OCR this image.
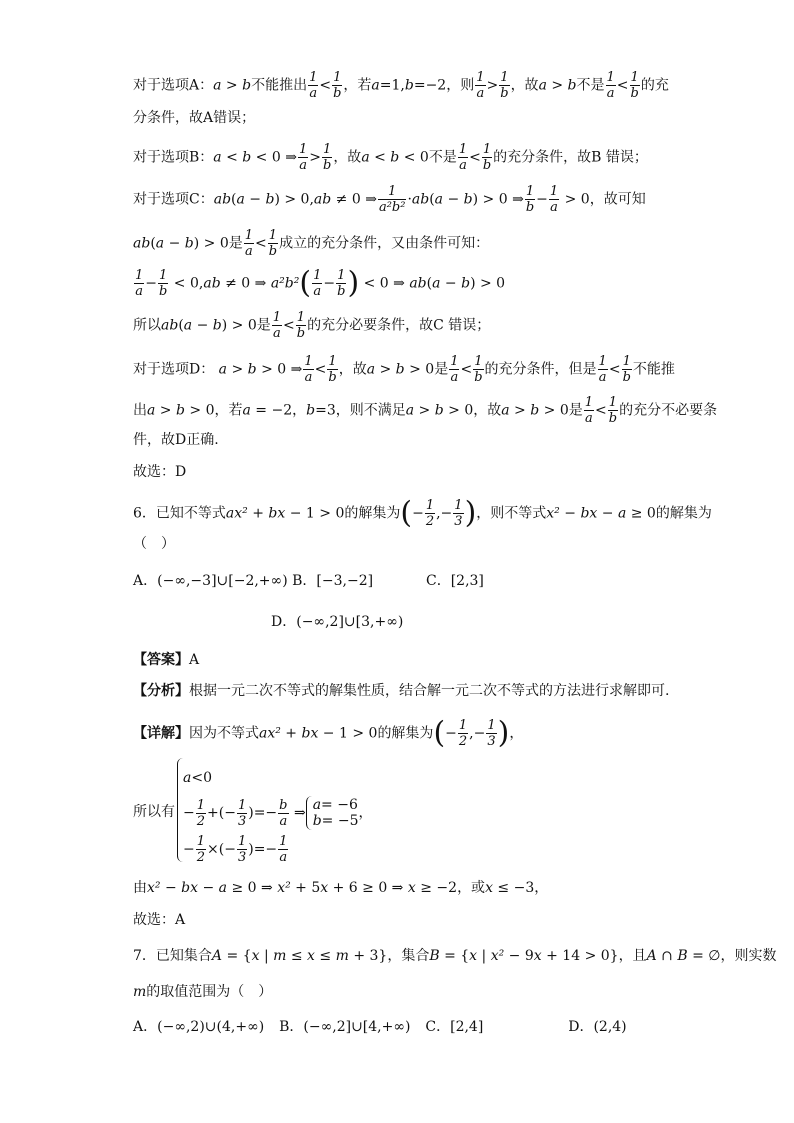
对于选项A：a > b不能推出 $\frac{1}{a} < \frac{1}{b}$ ，若a=1,b=−2，则 $\frac{1}{a} > \frac{1}{b}$ ，故a > b不是 $\frac{1}{a} < \frac{1}{b}$ 的充
分条件，故A错误；
对于选项B：a < b < 0 ⇒ $\frac{1}{a} > \frac{1}{b}$ ，故a < b < 0不是 $\frac{1}{a} < \frac{1}{b}$ 的充分条件，故B 错误；
对于选项C：ab(a − b) > 0,ab ≠ 0 ⇒ $\frac{1}{\text{a²b²}} \cdot ab(a - b) > 0$ ⇒ $\frac{1}{b} - \frac{1}{a} > 0$，故可知
ab(a − b) > 0是 $\frac{1}{a} < \frac{1}{b}$ 成立的充分条件，又由条件可知：
$\frac{1}{a} - \frac{1}{b} < 0,ab \ne 0$ ⇒ $a^2b^2( \frac{1}{a} - \frac{1}{b}$ ) < 0 ⇒ ab(a − b) > 0
所以ab(a − b) > 0是 $\frac{1}{a} < \frac{1}{b}$ 的充分必要条件，故C 错误；
对于选项D： a > b > 0 ⇒ $\frac{1}{a} < \frac{1}{b}$ ，故a > b > 0是 $\frac{1}{a} < \frac{1}{b}$ 的充分条件，但是 $\frac{1}{a} < \frac{1}{b}$ 不能推
出a > b > 0，若a = −2，b=3，则不满足a > b > 0，故a > b > 0是 $\frac{1}{a} < \frac{1}{b}$ 的充分不必要条
件，故D正确.
故选：D
6．已知不等式ax² + bx − 1 > 0的解集为(− $\frac{1}{2}$ ,− $\frac{1}{3}$ )，则不等式x² − bx − a ≥ 0的解集为
（　）
A．(−∞,−3]∪[−2,+∞) B．[−3,−2]	C．[2,3]
D．(−∞,2]∪[3,+∞)
【答案】A
【分析】根据一元二次不等式的解集性质，结合解一元二次不等式的方法进行求解即可.
【详解】因为不等式ax² + bx − 1 > 0的解集为(− $\frac{1}{2}$ ,− $\frac{1}{3}$ )，
所以有
a<0
− $\frac{1}{2}$ +(− $\frac{1}{3}$ )=− $\frac{b}{a}$ ⇒ a= −6
b= −5 ，
− $\frac{1}{2}$ ×(− $\frac{1}{3}$ )=− $\frac{1}{a}$
由x² − bx − a ≥ 0 ⇒ x² + 5x + 6 ≥ 0 ⇒ x ≥ −2，或x ≤ −3，
故选：A
7．已知集合A = {x | m ≤ x ≤ m + 3}，集合B = {x | x² − 9x + 14 > 0}，且A ∩ B = ∅，则实数
m的取值范围为（　）
A．(−∞,2)∪(4,+∞) B．(−∞,2]∪[4,+∞) C．[2,4]	D．(2,4)
